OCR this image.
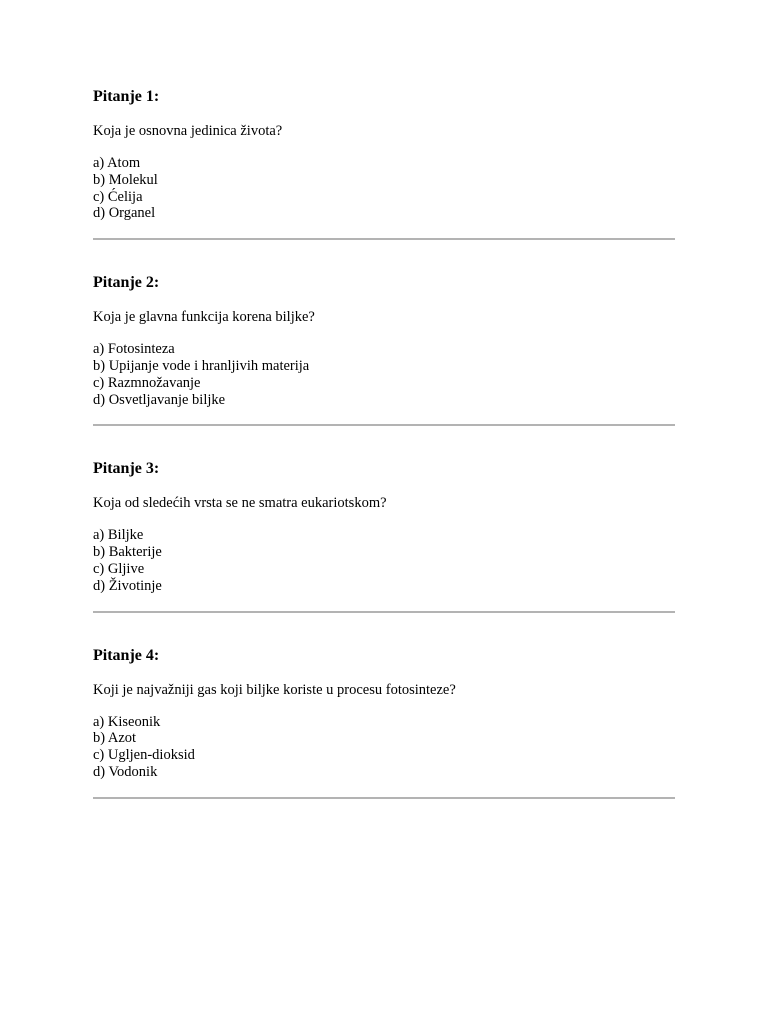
Pitanje 1:

Koja je osnovna jedinica života?

a) Atom
b) Molekul
c) Ćelija
d) Organel
Pitanje 2:

Koja je glavna funkcija korena biljke?

a) Fotosinteza
b) Upijanje vode i hranljivih materija
c) Razmnožavanje
d) Osvetljavanje biljke
Pitanje 3:

Koja od sledećih vrsta se ne smatra eukariotskom?

a) Biljke
b) Bakterije
c) Gljive
d) Životinje
Pitanje 4:

Koji je najvažniji gas koji biljke koriste u procesu fotosinteze?

a) Kiseonik
b) Azot
c) Ugljen-dioksid
d) Vodonik
